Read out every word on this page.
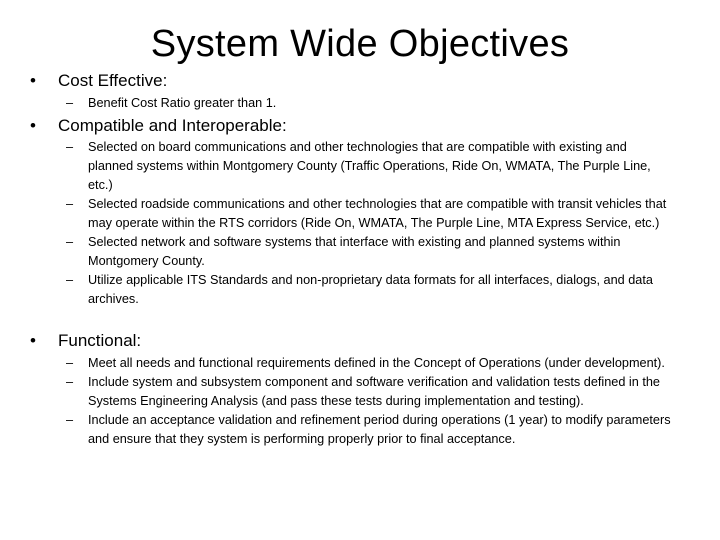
System Wide Objectives
•	Cost Effective:
– Benefit Cost Ratio greater than 1.
•	Compatible and Interoperable:
– Selected on board communications and other technologies that are compatible with existing and planned systems within Montgomery County (Traffic Operations, Ride On, WMATA, The Purple Line, etc.)
– Selected roadside communications and other technologies that are compatible with transit vehicles that may operate within the RTS corridors (Ride On, WMATA, The Purple Line, MTA Express Service, etc.)
– Selected network and software systems that interface with existing and planned systems within Montgomery County.
– Utilize applicable ITS Standards and non-proprietary data formats for all interfaces, dialogs, and data archives.
•	Functional:
– Meet all needs and functional requirements defined in the Concept of Operations (under development).
– Include system and subsystem component and software verification and validation tests defined in the Systems Engineering Analysis (and pass these tests during implementation and testing).
– Include an acceptance validation and refinement period during operations (1 year) to modify parameters and ensure that they system is performing properly prior to final acceptance.
